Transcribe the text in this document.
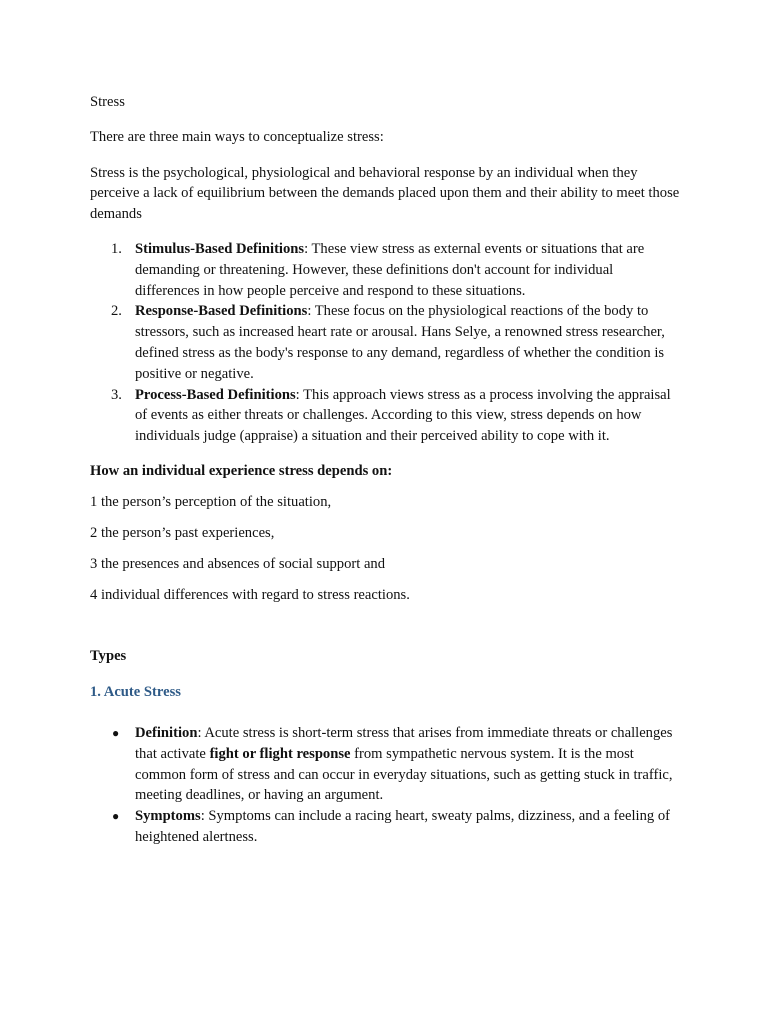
Stress

There are three main ways to conceptualize stress:

Stress is the psychological, physiological and behavioral response by an individual when they perceive a lack of equilibrium between the demands placed upon them and their ability to meet those demands

1. Stimulus-Based Definitions: These view stress as external events or situations that are demanding or threatening. However, these definitions don't account for individual differences in how people perceive and respond to these situations.
2. Response-Based Definitions: These focus on the physiological reactions of the body to stressors, such as increased heart rate or arousal. Hans Selye, a renowned stress researcher, defined stress as the body's response to any demand, regardless of whether the condition is positive or negative.
3. Process-Based Definitions: This approach views stress as a process involving the appraisal of events as either threats or challenges. According to this view, stress depends on how individuals judge (appraise) a situation and their perceived ability to cope with it.

How an individual experience stress depends on:

1 the person’s perception of the situation,

2 the person’s past experiences,

3 the presences and absences of social support and

4 individual differences with regard to stress reactions.

Types

1. Acute Stress

● Definition: Acute stress is short-term stress that arises from immediate threats or challenges that activate fight or flight response from sympathetic nervous system. It is the most common form of stress and can occur in everyday situations, such as getting stuck in traffic, meeting deadlines, or having an argument.
● Symptoms: Symptoms can include a racing heart, sweaty palms, dizziness, and a feeling of heightened alertness.
